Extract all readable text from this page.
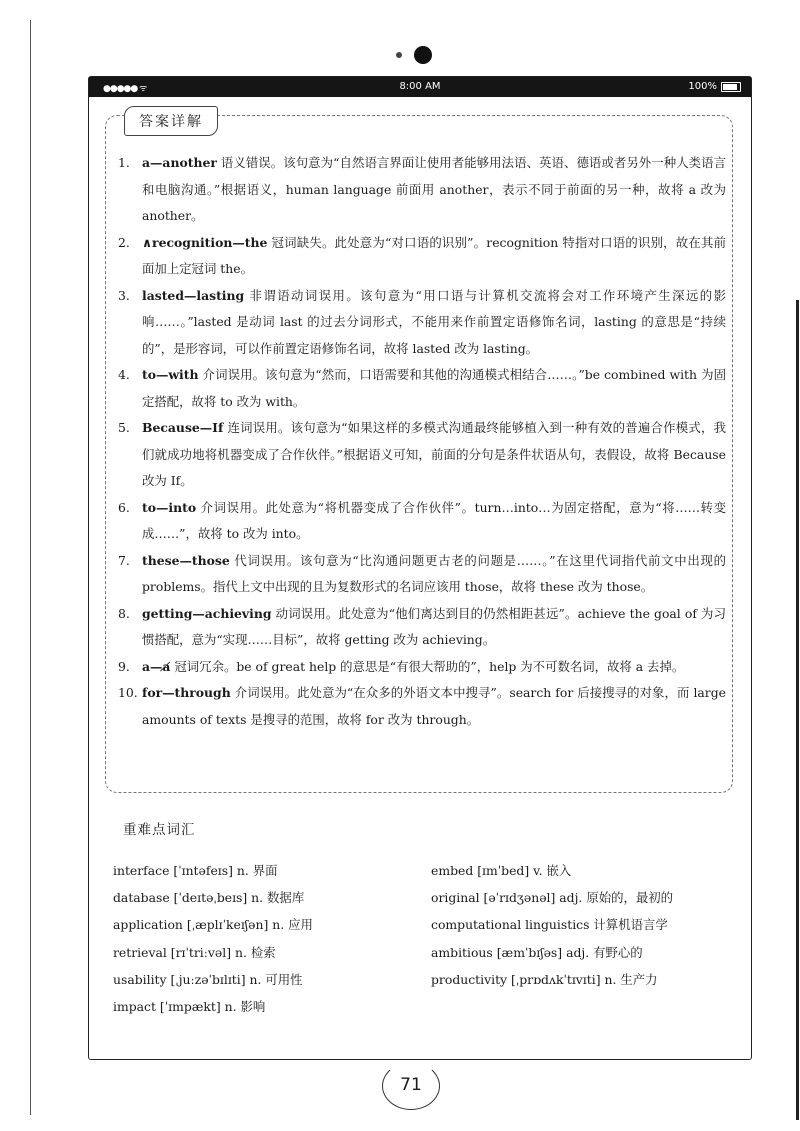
●●●●● ᯤ	8:00 AM	100%
答案详解
1. a—another 语义错误。该句意为“自然语言界面让使用者能够用法语、英语、德语或者另外一种人类语言和电脑沟通。”根据语义，human language 前面用 another，表示不同于前面的另一种，故将 a 改为 another。
2. ∧recognition—the 冠词缺失。此处意为“对口语的识别”。recognition 特指对口语的识别，故在其前面加上定冠词 the。
3. lasted—lasting 非谓语动词误用。该句意为“用口语与计算机交流将会对工作环境产生深远的影响……。”lasted 是动词 last 的过去分词形式，不能用来作前置定语修饰名词，lasting 的意思是“持续的”，是形容词，可以作前置定语修饰名词，故将 lasted 改为 lasting。
4. to—with 介词误用。该句意为“然而，口语需要和其他的沟通模式相结合……。”be combined with 为固定搭配，故将 to 改为 with。
5. Because—If 连词误用。该句意为“如果这样的多模式沟通最终能够植入到一种有效的普遍合作模式，我们就成功地将机器变成了合作伙伴。”根据语义可知，前面的分句是条件状语从句，表假设，故将 Because 改为 If。
6. to—into 介词误用。此处意为“将机器变成了合作伙伴”。turn…into…为固定搭配，意为“将……转变成……”，故将 to 改为 into。
7. these—those 代词误用。该句意为“比沟通问题更古老的问题是……。”在这里代词指代前文中出现的 problems。指代上文中出现的且为复数形式的名词应该用 those，故将 these 改为 those。
8. getting—achieving 动词误用。此处意为“他们离达到目的仍然相距甚远”。achieve the goal of 为习惯搭配，意为“实现……目标”，故将 getting 改为 achieving。
9. a—a̸ 冠词冗余。be of great help 的意思是“有很大帮助的”，help 为不可数名词，故将 a 去掉。
10. for—through 介词误用。此处意为“在众多的外语文本中搜寻”。search for 后接搜寻的对象，而 large amounts of texts 是搜寻的范围，故将 for 改为 through。
重难点词汇
interface [ˈɪntəfeɪs] n. 界面
database [ˈdeɪtəˌbeɪs] n. 数据库
application [ˌæplɪˈkeɪʃən] n. 应用
retrieval [rɪˈtriːvəl] n. 检索
usability [ˌjuːzəˈbɪlɪti] n. 可用性
impact [ˈɪmpækt] n. 影响
embed [ɪmˈbed] v. 嵌入
original [əˈrɪdʒənəl] adj. 原始的，最初的
computational linguistics 计算机语言学
ambitious [æmˈbɪʃəs] adj. 有野心的
productivity [ˌprɒdʌkˈtɪvɪti] n. 生产力
71
